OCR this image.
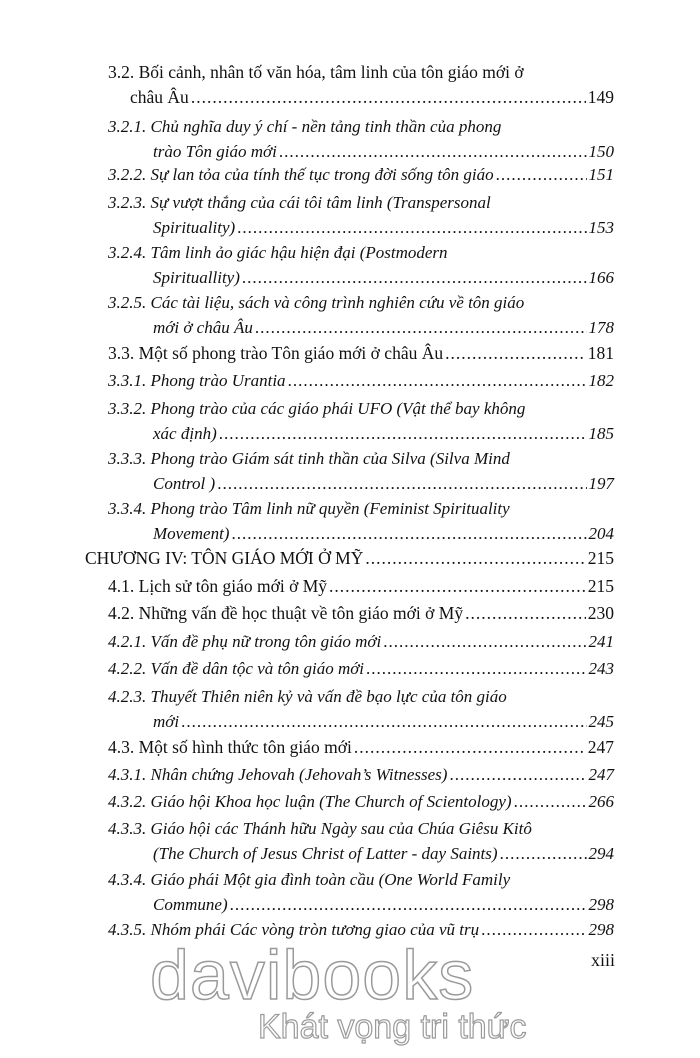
3.2. Bối cảnh, nhân tố văn hóa, tâm linh của tôn giáo mới ở
châu Âu .....	149
3.2.1. Chủ nghĩa duy ý chí - nền tảng tinh thần của phong
trào Tôn giáo mới .....	150
3.2.2. Sự lan tỏa của tính thế tục trong đời sống tôn giáo .....	151
3.2.3. Sự vượt thắng của cái tôi tâm linh (Transpersonal
Spirituality) .....	153
3.2.4. Tâm linh ảo giác hậu hiện đại (Postmodern
Spirituallity) .....	166
3.2.5. Các tài liệu, sách và công trình nghiên cứu về tôn giáo
mới ở châu Âu .....	178
3.3. Một số phong trào Tôn giáo mới ở châu Âu .....	181
3.3.1. Phong trào Urantia .....	182
3.3.2. Phong trào của các giáo phái UFO (Vật thể bay không
xác định) .....	185
3.3.3. Phong trào Giám sát tinh thần của Silva (Silva Mind
Control ) .....	197
3.3.4. Phong trào Tâm linh nữ quyền (Feminist Spirituality
Movement) .....	204
CHƯƠNG IV: TÔN GIÁO MỚI Ở MỸ .....	215
4.1. Lịch sử tôn giáo mới ở Mỹ .....	215
4.2. Những vấn đề học thuật về tôn giáo mới ở Mỹ .....	230
4.2.1. Vấn đề phụ nữ trong tôn giáo mới .....	241
4.2.2. Vấn đề dân tộc và tôn giáo mới .....	243
4.2.3. Thuyết Thiên niên kỷ và vấn đề bạo lực của tôn giáo
mới .....	245
4.3. Một số hình thức tôn giáo mới .....	247
4.3.1. Nhân chứng Jehovah (Jehovah’s Witnesses) .....	247
4.3.2. Giáo hội Khoa học luận (The Church of Scientology) .....	266
4.3.3. Giáo hội các Thánh hữu Ngày sau của Chúa Giêsu Kitô
(The Church of Jesus Christ of Latter - day Saints) .....	294
4.3.4. Giáo phái Một gia đình toàn cầu (One World Family
Commune) .....	298
4.3.5. Nhóm phái Các vòng tròn tương giao của vũ trụ .....	298
davibooks
Khát vọng tri thức
xiii
